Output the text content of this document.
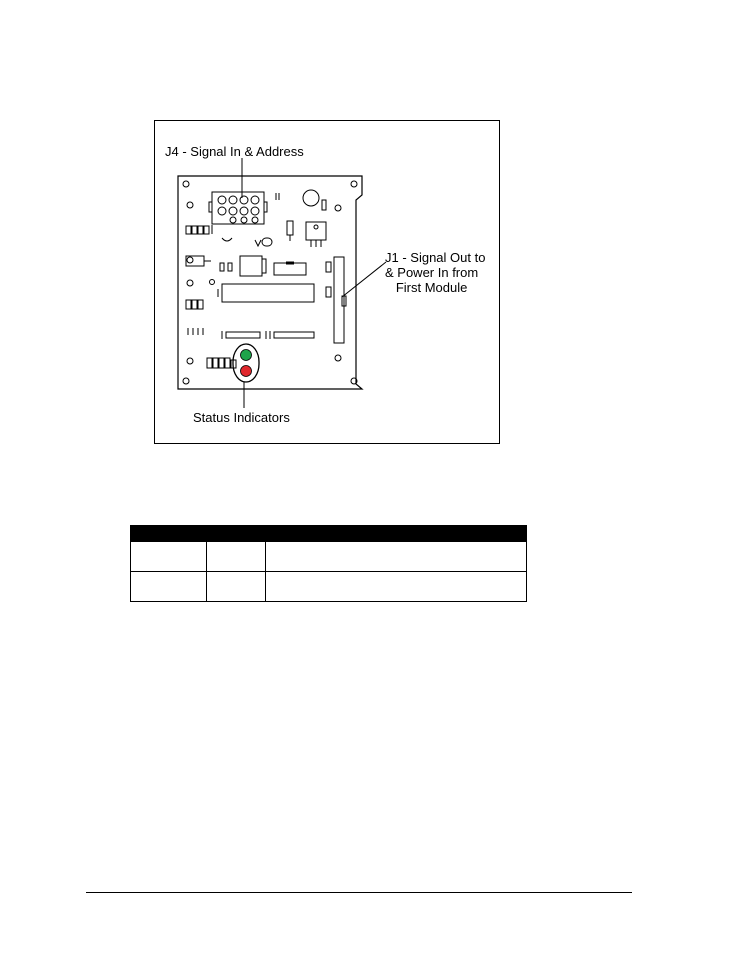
J4 - Signal In & Address
J1 - Signal Out to
& Power In from
First Module
Status Indicators
